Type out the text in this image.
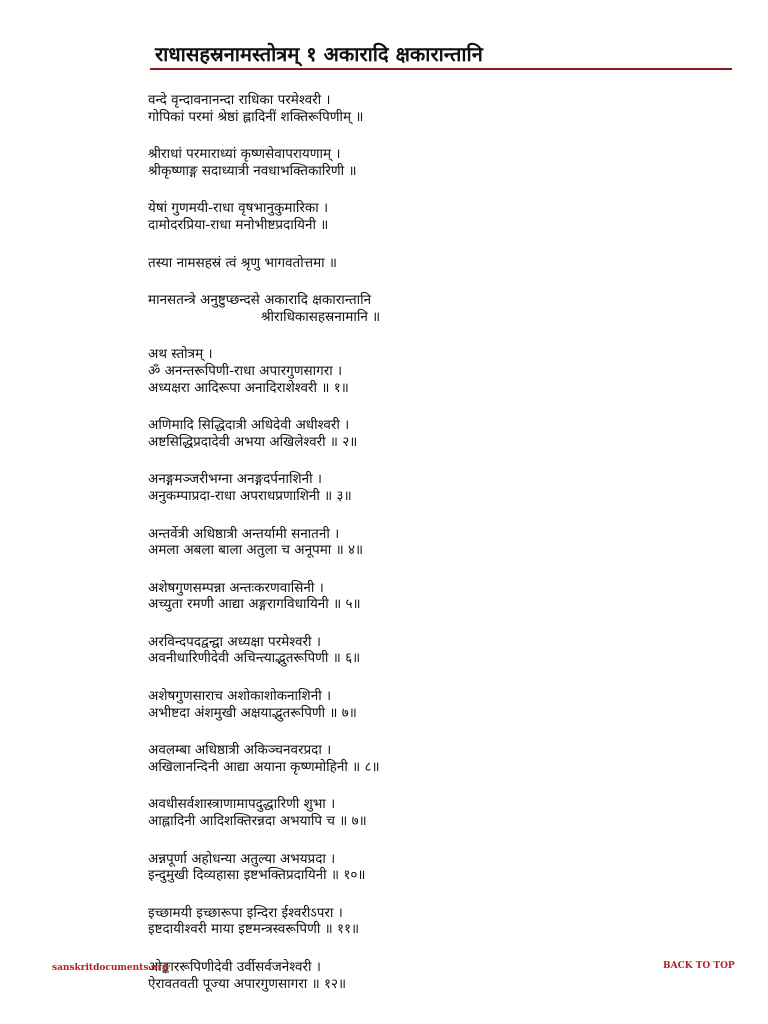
राधासहस्रनामस्तोत्रम् १ अकारादि क्षकारान्तानि
वन्दे वृन्दावनानन्दा राधिका परमेश्वरी ।
गोपिकां परमां श्रेष्ठां ह्लादिनीं शक्तिरूपिणीम् ॥
श्रीराधां परमाराध्यां कृष्णसेवापरायणाम् ।
श्रीकृष्णाङ्ग सदाध्यात्री नवधाभक्तिकारिणी ॥
येषां गुणमयी-राधा वृषभानुकुमारिका ।
दामोदरप्रिया-राधा मनोभीष्टप्रदायिनी ॥
तस्या नामसहस्रं त्वं श्रृणु भागवतोत्तमा ॥
मानसतन्त्रे अनुष्टुप्छन्दसे अकारादि क्षकारान्तानि
श्रीराधिकासहस्रनामानि ॥
अथ स्तोत्रम् ।
ॐ अनन्तरूपिणी-राधा अपारगुणसागरा ।
अध्यक्षरा आदिरूपा अनादिराशेश्वरी ॥ १॥
अणिमादि सिद्धिदात्री अधिदेवी अधीश्वरी ।
अष्टसिद्धिप्रदादेवी अभया अखिलेश्वरी ॥ २॥
अनङ्गमञ्जरीभग्ना अनङ्गदर्पनाशिनी ।
अनुकम्पाप्रदा-राधा अपराधप्रणाशिनी ॥ ३॥
अन्तर्वेत्री अधिष्ठात्री अन्तर्यामी सनातनी ।
अमला अबला बाला अतुला च अनूपमा ॥ ४॥
अशेषगुणसम्पन्ना अन्तःकरणवासिनी ।
अच्युता रमणी आद्या अङ्गरागविधायिनी ॥ ५॥
अरविन्दपदद्वन्द्वा अध्यक्षा परमेश्वरी ।
अवनीधारिणीदेवी अचिन्त्याद्भुतरूपिणी ॥ ६॥
अशेषगुणसाराच अशोकाशोकनाशिनी ।
अभीष्टदा अंशमुखी अक्षयाद्भुतरूपिणी ॥ ७॥
अवलम्बा अधिष्ठात्री अकिञ्चनवरप्रदा ।
अखिलानन्दिनी आद्या अयाना कृष्णमोहिनी ॥ ८॥
अवधीसर्वशास्त्राणामापदुद्धारिणी शुभा ।
आह्लादिनी आदिशक्तिरन्नदा अभयापि च ॥ ७॥
अन्नपूर्णा अहोधन्या अतुल्या अभयप्रदा ।
इन्दुमुखी दिव्यहासा इष्टभक्तिप्रदायिनी ॥ १०॥
इच्छामयी इच्छारूपा इन्दिरा ईश्वरीऽपरा ।
इष्टदायीश्वरी माया इष्टमन्त्रस्वरूपिणी ॥ ११॥
ओङ्काररूपिणीदेवी उर्वीसर्वजनेश्वरी ।
ऐरावतवती पूज्या अपारगुणसागरा ॥ १२॥
sanskritdocuments.org	BACK TO TOP
